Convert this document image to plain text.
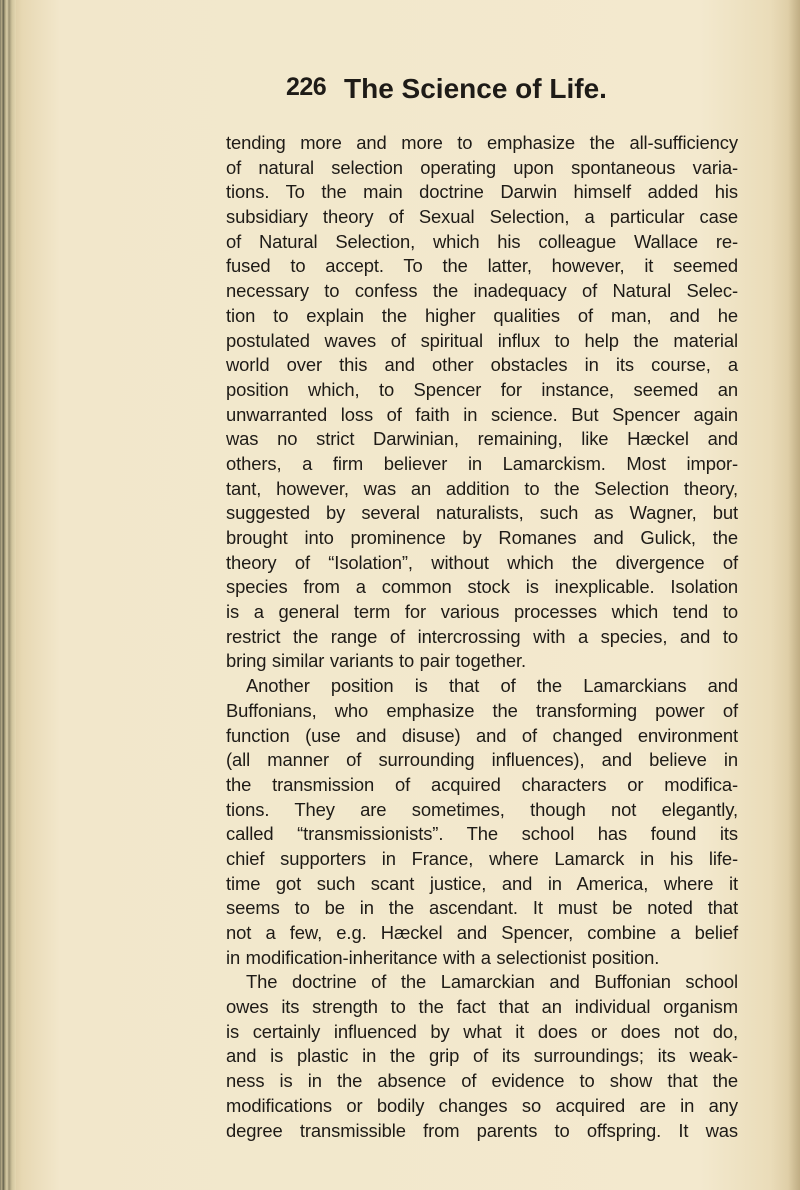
226 The Science of Life.
tending more and more to emphasize the all-sufficiency
of natural selection operating upon spontaneous varia-
tions. To the main doctrine Darwin himself added his
subsidiary theory of Sexual Selection, a particular case
of Natural Selection, which his colleague Wallace re-
fused to accept. To the latter, however, it seemed
necessary to confess the inadequacy of Natural Selec-
tion to explain the higher qualities of man, and he
postulated waves of spiritual influx to help the material
world over this and other obstacles in its course, a
position which, to Spencer for instance, seemed an
unwarranted loss of faith in science. But Spencer again
was no strict Darwinian, remaining, like Hæckel and
others, a firm believer in Lamarckism. Most impor-
tant, however, was an addition to the Selection theory,
suggested by several naturalists, such as Wagner, but
brought into prominence by Romanes and Gulick, the
theory of “Isolation”, without which the divergence of
species from a common stock is inexplicable. Isolation
is a general term for various processes which tend to
restrict the range of intercrossing with a species, and to
bring similar variants to pair together.
Another position is that of the Lamarckians and
Buffonians, who emphasize the transforming power of
function (use and disuse) and of changed environment
(all manner of surrounding influences), and believe in
the transmission of acquired characters or modifica-
tions. They are sometimes, though not elegantly,
called “transmissionists”. The school has found its
chief supporters in France, where Lamarck in his life-
time got such scant justice, and in America, where it
seems to be in the ascendant. It must be noted that
not a few, e.g. Hæckel and Spencer, combine a belief
in modification-inheritance with a selectionist position.
The doctrine of the Lamarckian and Buffonian school
owes its strength to the fact that an individual organism
is certainly influenced by what it does or does not do,
and is plastic in the grip of its surroundings; its weak-
ness is in the absence of evidence to show that the
modifications or bodily changes so acquired are in any
degree transmissible from parents to offspring. It was
